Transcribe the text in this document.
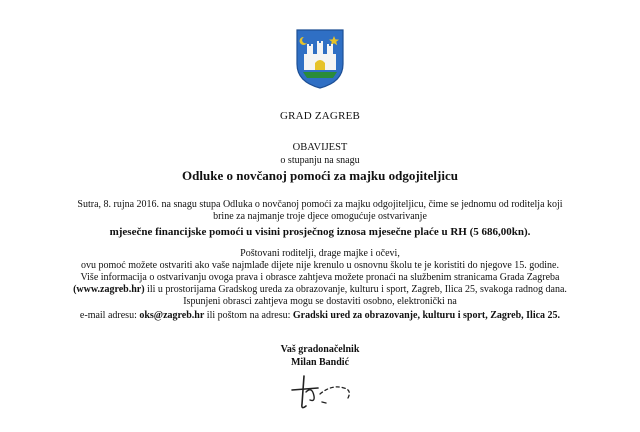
GRAD ZAGREB
OBAVIJEST
o stupanju na snagu
Odluke o novčanoj pomoći za majku odgojiteljicu
Sutra, 8. rujna 2016. na snagu stupa Odluka o novčanoj pomoći za majku odgojiteljicu, čime se jednomu od roditelja koji
brine za najmanje troje djece omogućuje ostvarivanje
mjesečne financijske pomoći u visini prosječnog iznosa mjesečne plaće u RH (5 686,00kn).
Poštovani roditelji, drage majke i očevi,
ovu pomoć možete ostvariti ako vaše najmlađe dijete nije krenulo u osnovnu školu te je koristiti do njegove 15. godine.
Više informacija o ostvarivanju ovoga prava i obrasce zahtjeva možete pronaći na službenim stranicama Grada Zagreba
(www.zagreb.hr) ili u prostorijama Gradskog ureda za obrazovanje, kulturu i sport, Zagreb, Ilica 25, svakoga radnog dana.
Ispunjeni obrasci zahtjeva mogu se dostaviti osobno, elektronički na
e-mail adresu: oks@zagreb.hr ili poštom na adresu: Gradski ured za obrazovanje, kulturu i sport, Zagreb, Ilica 25.
Vaš gradonačelnik
Milan Bandić
